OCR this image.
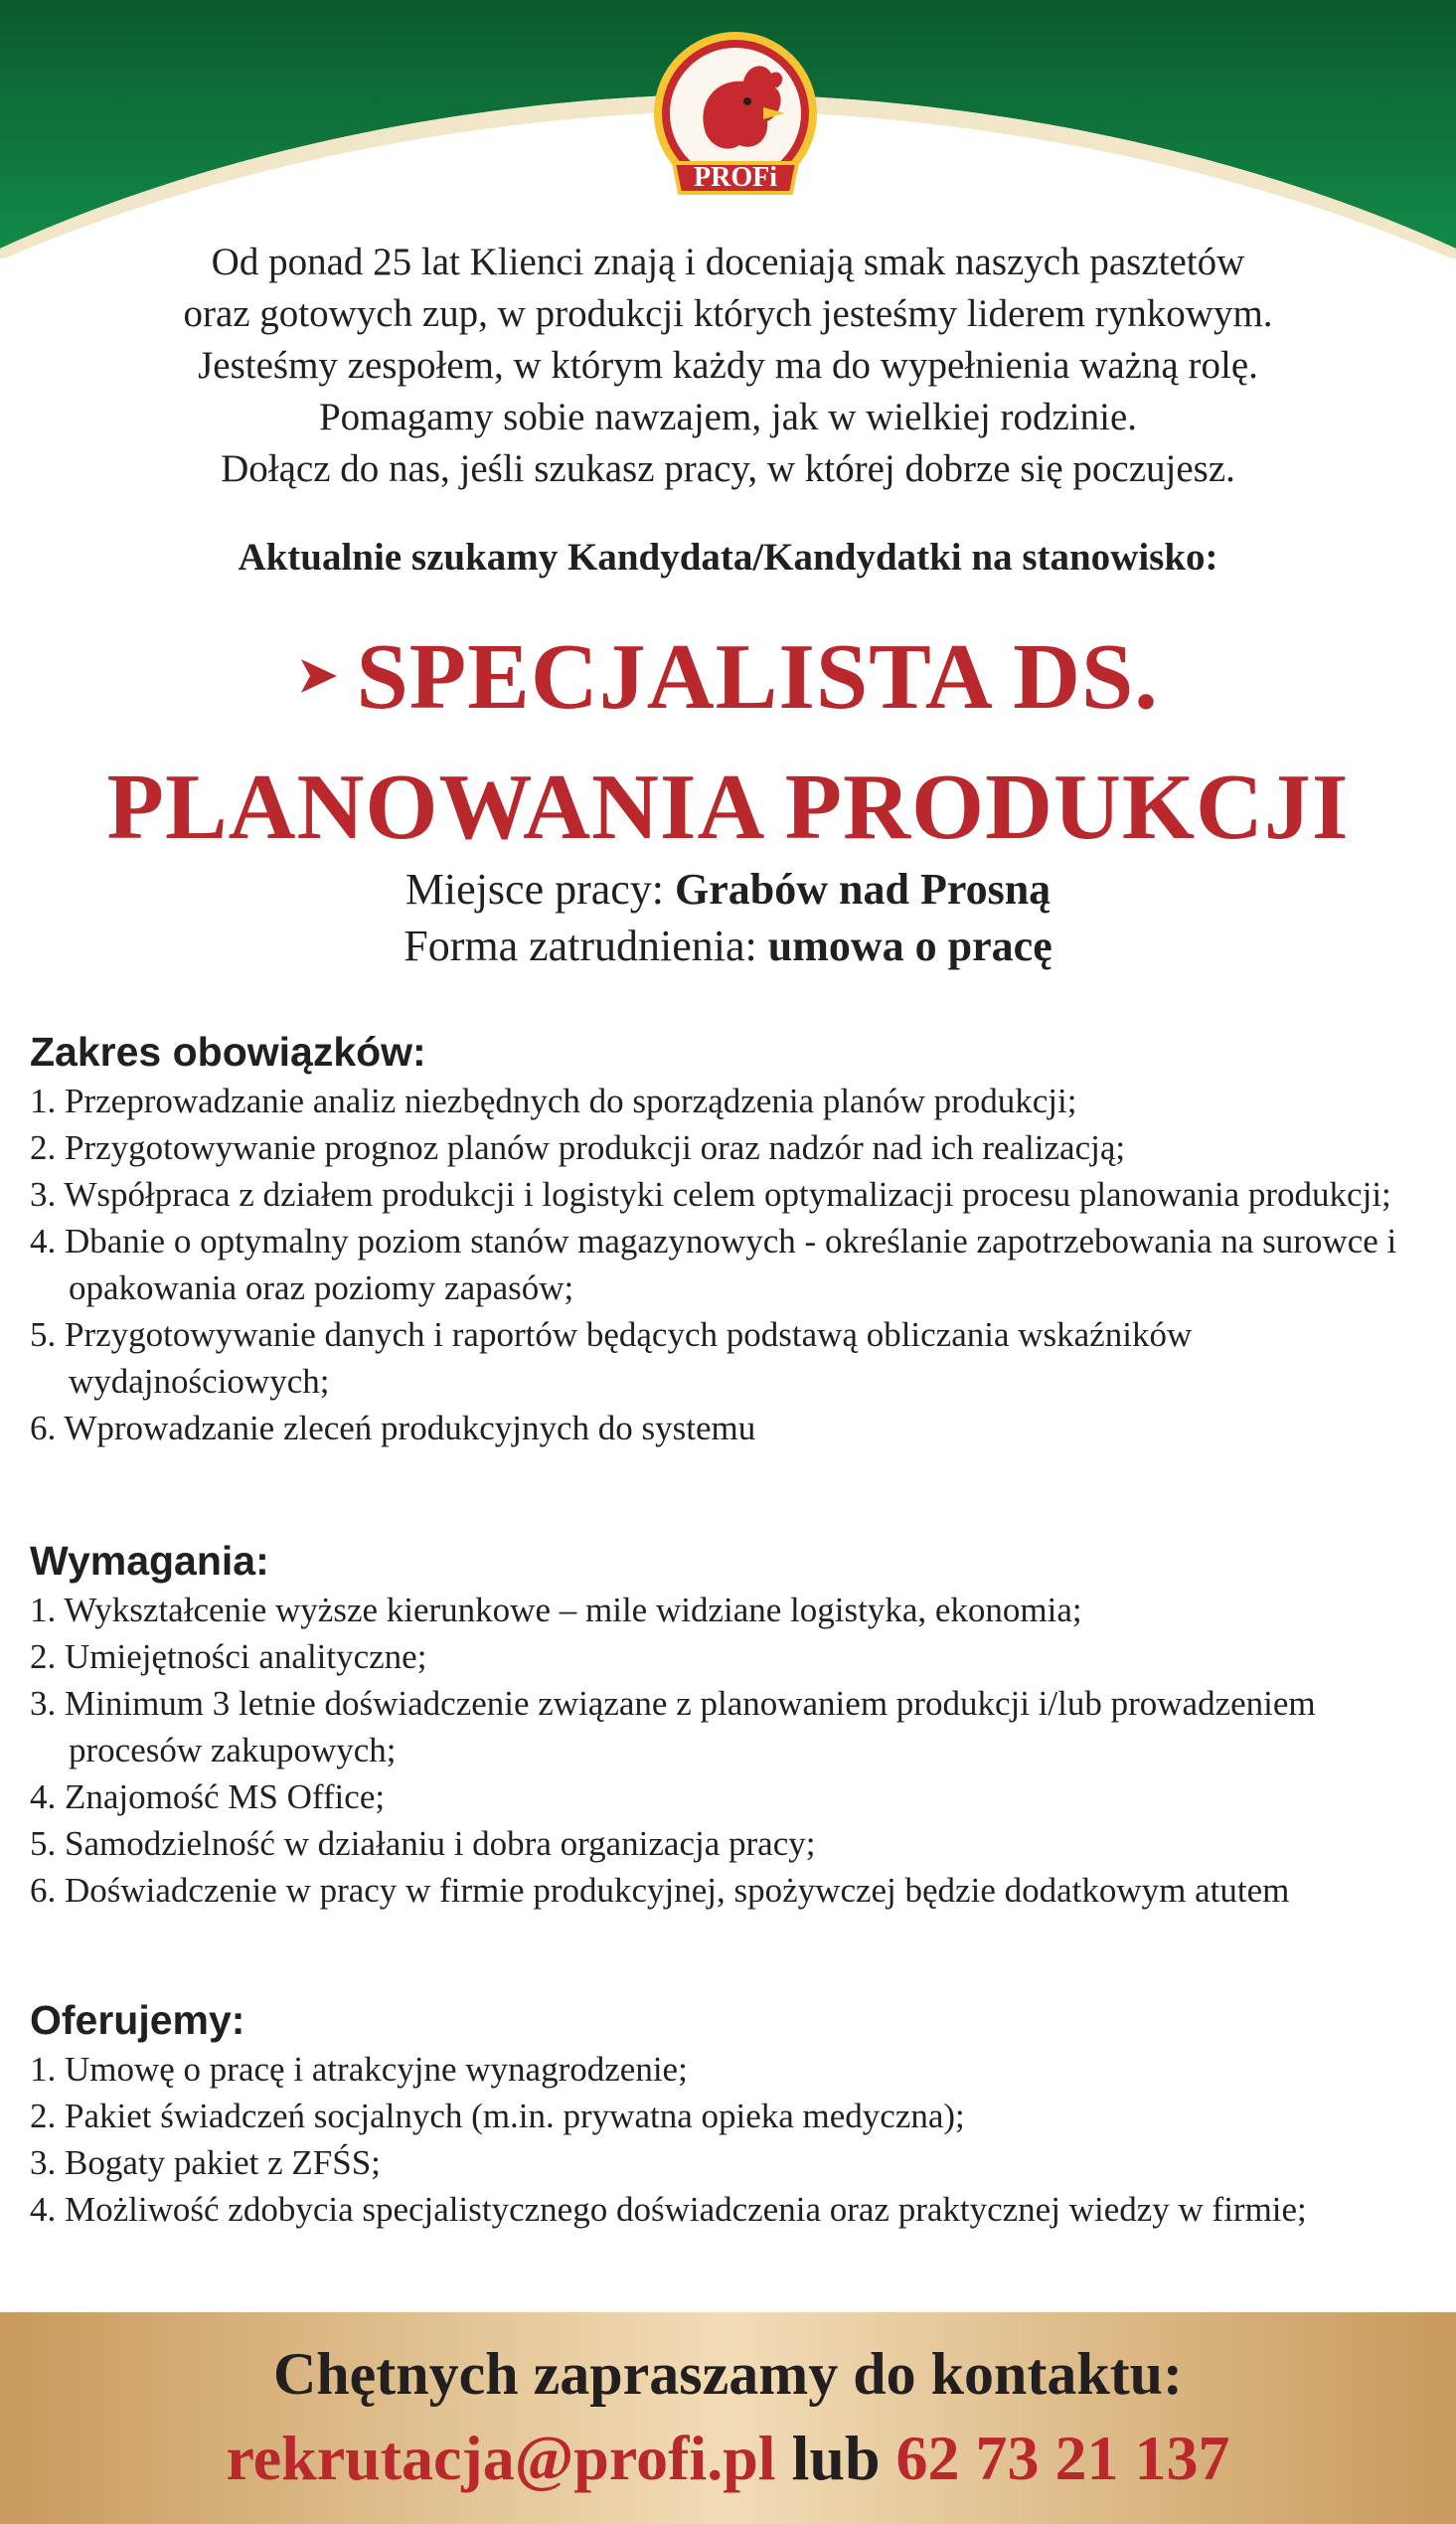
PROFi
Od ponad 25 lat Klienci znają i doceniają smak naszych pasztetów
oraz gotowych zup, w produkcji których jesteśmy liderem rynkowym.
Jesteśmy zespołem, w którym każdy ma do wypełnienia ważną rolę.
Pomagamy sobie nawzajem, jak w wielkiej rodzinie.
Dołącz do nas, jeśli szukasz pracy, w której dobrze się poczujesz.
Aktualnie szukamy Kandydata/Kandydatki na stanowisko:
➤ SPECJALISTA DS.
PLANOWANIA PRODUKCJI
Miejsce pracy: Grabów nad Prosną
Forma zatrudnienia: umowa o pracę
Zakres obowiązków:
1. Przeprowadzanie analiz niezbędnych do sporządzenia planów produkcji;
2. Przygotowywanie prognoz planów produkcji oraz nadzór nad ich realizacją;
3. Współpraca z działem produkcji i logistyki celem optymalizacji procesu planowania produkcji;
4. Dbanie o optymalny poziom stanów magazynowych - określanie zapotrzebowania na surowce i opakowania oraz poziomy zapasów;
5. Przygotowywanie danych i raportów będących podstawą obliczania wskaźników wydajnościowych;
6. Wprowadzanie zleceń produkcyjnych do systemu
Wymagania:
1. Wykształcenie wyższe kierunkowe – mile widziane logistyka, ekonomia;
2. Umiejętności analityczne;
3. Minimum 3 letnie doświadczenie związane z planowaniem produkcji i/lub prowadzeniem procesów zakupowych;
4. Znajomość MS Office;
5. Samodzielność w działaniu i dobra organizacja pracy;
6. Doświadczenie w pracy w firmie produkcyjnej, spożywczej będzie dodatkowym atutem
Oferujemy:
1. Umowę o pracę i atrakcyjne wynagrodzenie;
2. Pakiet świadczeń socjalnych (m.in. prywatna opieka medyczna);
3. Bogaty pakiet z ZFŚS;
4. Możliwość zdobycia specjalistycznego doświadczenia oraz praktycznej wiedzy w firmie;
Chętnych zapraszamy do kontaktu:
rekrutacja@profi.pl lub 62 73 21 137
